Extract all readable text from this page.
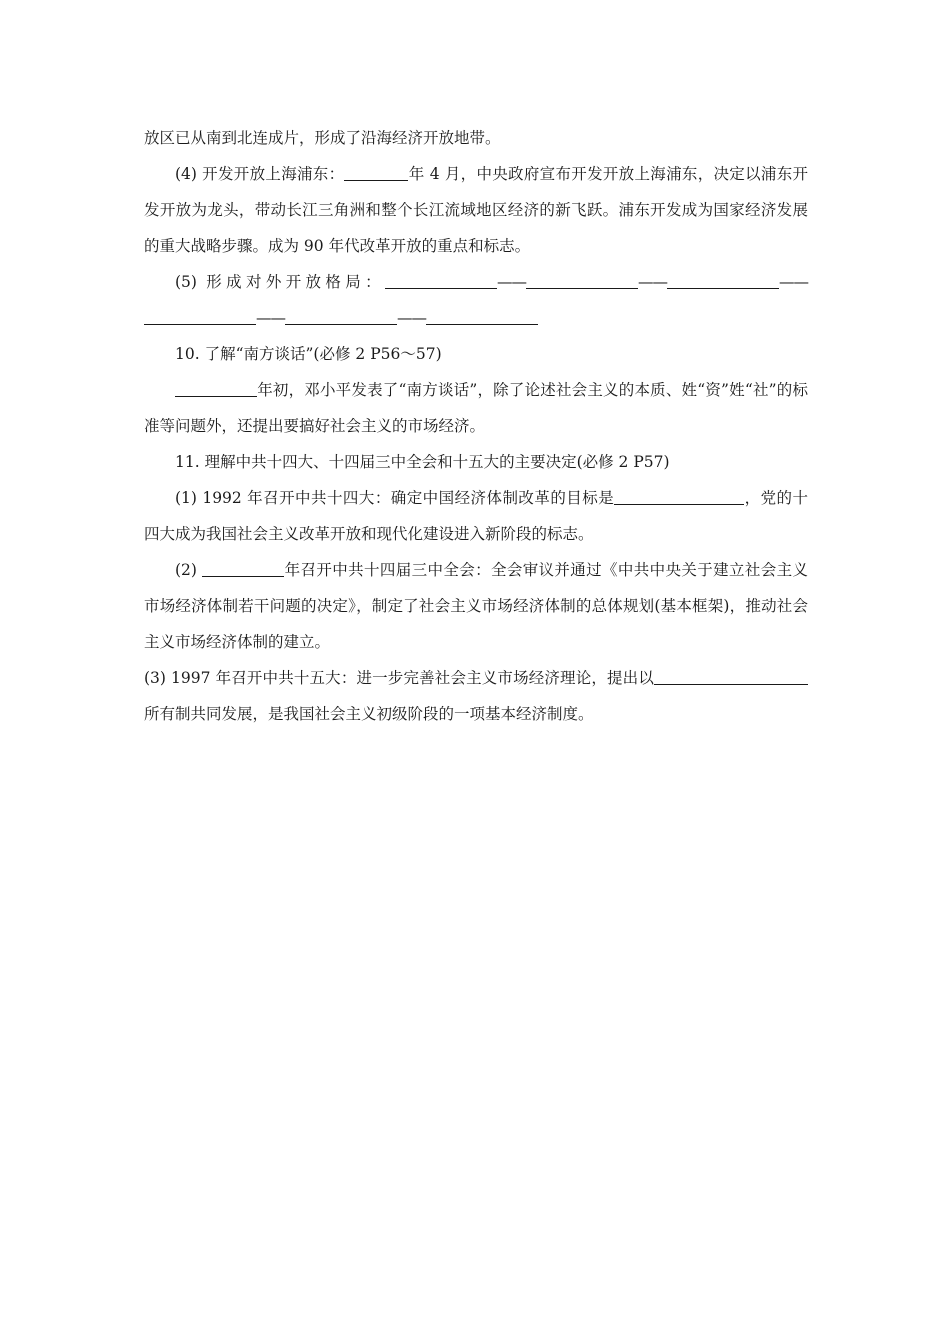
放区已从南到北连成片，形成了沿海经济开放地带。

(4) 开发开放上海浦东：	年 4 月，中央政府宣布开发开放上海浦东，决定以浦东开发开放为龙头，带动长江三角洲和整个长江流域地区经济的新飞跃。浦东开发成为国家经济发展的重大战略步骤。成为 90 年代改革开放的重点和标志。

(5) 形成对外开放格局：	——	——	————	——

10. 了解“南方谈话”(必修 2 P56～57)

年初，邓小平发表了“南方谈话”，除了论述社会主义的本质、姓“资”姓“社”的标准等问题外，还提出要搞好社会主义的市场经济。

11. 理解中共十四大、十四届三中全会和十五大的主要决定(必修 2 P57)

(1) 1992 年召开中共十四大：确定中国经济体制改革的目标是	，党的十四大成为我国社会主义改革开放和现代化建设进入新阶段的标志。

(2)	年召开中共十四届三中全会：全会审议并通过《中共中央关于建立社会主义市场经济体制若干问题的决定》，制定了社会主义市场经济体制的总体规划(基本框架)，推动社会主义市场经济体制的建立。

(3) 1997 年召开中共十五大：进一步完善社会主义市场经济理论，提出以所有制共同发展，是我国社会主义初级阶段的一项基本经济制度。
